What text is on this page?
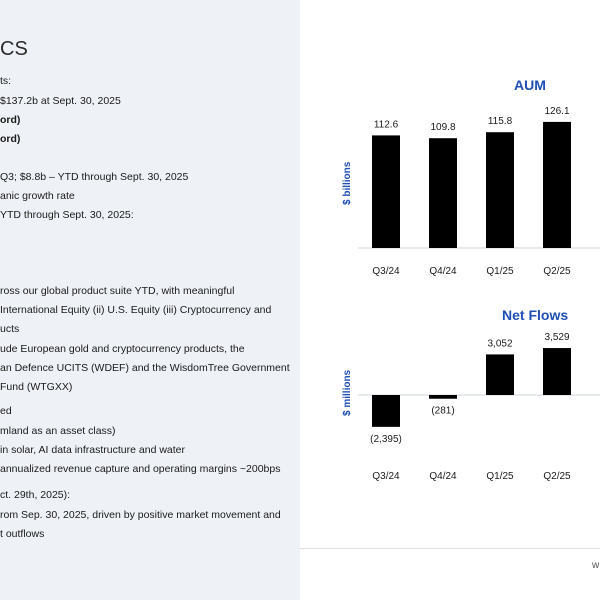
CS
ts:
$137.2b at Sept. 30, 2025
ord)
ord)
Q3; $8.8b – YTD through Sept. 30, 2025
anic growth rate
YTD through Sept. 30, 2025:
ross our global product suite YTD, with meaningful
International Equity (ii) U.S. Equity (iii) Cryptocurrency and
ucts
ude European gold and cryptocurrency products, the
an Defence UCITS (WDEF) and the WisdomTree Government
Fund (WTGXX)
ed
mland as an asset class)
in solar, AI data infrastructure and water
annualized revenue capture and operating margins ~200bps
ct. 29th, 2025):
rom Sep. 30, 2025, driven by positive market movement and
t outflows
AUM
$ billions
Net Flows
$ millions
112.6
Q3/24
109.8
Q4/24
115.8
Q1/25
126.1
Q2/25
(2,395)
Q3/24
(281)
Q4/24
3,052
Q1/25
3,529
Q2/25
w
